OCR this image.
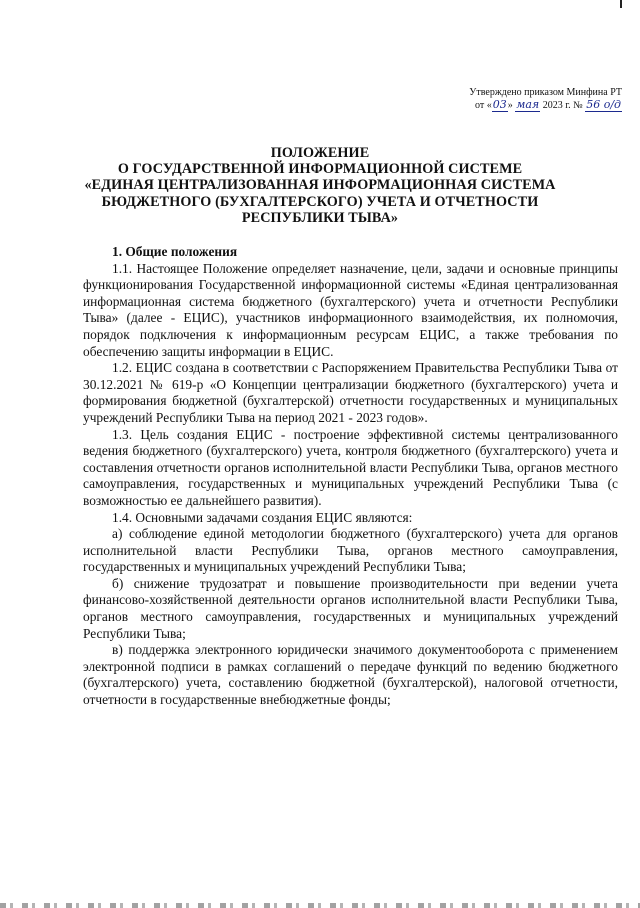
Утверждено приказом Минфина РТ
от «03» мая 2023 г. № 56 о/д
ПОЛОЖЕНИЕ
О ГОСУДАРСТВЕННОЙ ИНФОРМАЦИОННОЙ СИСТЕМЕ
«ЕДИНАЯ ЦЕНТРАЛИЗОВАННАЯ ИНФОРМАЦИОННАЯ СИСТЕМА
БЮДЖЕТНОГО (БУХГАЛТЕРСКОГО) УЧЕТА И ОТЧЕТНОСТИ
РЕСПУБЛИКИ ТЫВА»
1. Общие положения

1.1. Настоящее Положение определяет назначение, цели, задачи и основные принципы функционирования Государственной информационной системы «Единая централизованная информационная система бюджетного (бухгалтерского) учета и отчетности Республики Тыва» (далее - ЕЦИС), участников информационного взаимодействия, их полномочия, порядок подключения к информационным ресурсам ЕЦИС, а также требования по обеспечению защиты информации в ЕЦИС.

1.2. ЕЦИС создана в соответствии с Распоряжением Правительства Республики Тыва от 30.12.2021 № 619-р «О Концепции централизации бюджетного (бухгалтерского) учета и формирования бюджетной (бухгалтерской) отчетности государственных и муниципальных учреждений Республики Тыва на период 2021 - 2023 годов».

1.3. Цель создания ЕЦИС - построение эффективной системы централизованного ведения бюджетного (бухгалтерского) учета, контроля бюджетного (бухгалтерского) учета и составления отчетности органов исполнительной власти Республики Тыва, органов местного самоуправления, государственных и муниципальных учреждений Республики Тыва (с возможностью ее дальнейшего развития).

1.4. Основными задачами создания ЕЦИС являются:

а) соблюдение единой методологии бюджетного (бухгалтерского) учета для органов исполнительной власти Республики Тыва, органов местного самоуправления, государственных и муниципальных учреждений Республики Тыва;

б) снижение трудозатрат и повышение производительности при ведении учета финансово-хозяйственной деятельности органов исполнительной власти Республики Тыва, органов местного самоуправления, государственных и муниципальных учреждений Республики Тыва;

в) поддержка электронного юридически значимого документооборота с применением электронной подписи в рамках соглашений о передаче функций по ведению бюджетного (бухгалтерского) учета, составлению бюджетной (бухгалтерской), налоговой отчетности, отчетности в государственные внебюджетные фонды;
